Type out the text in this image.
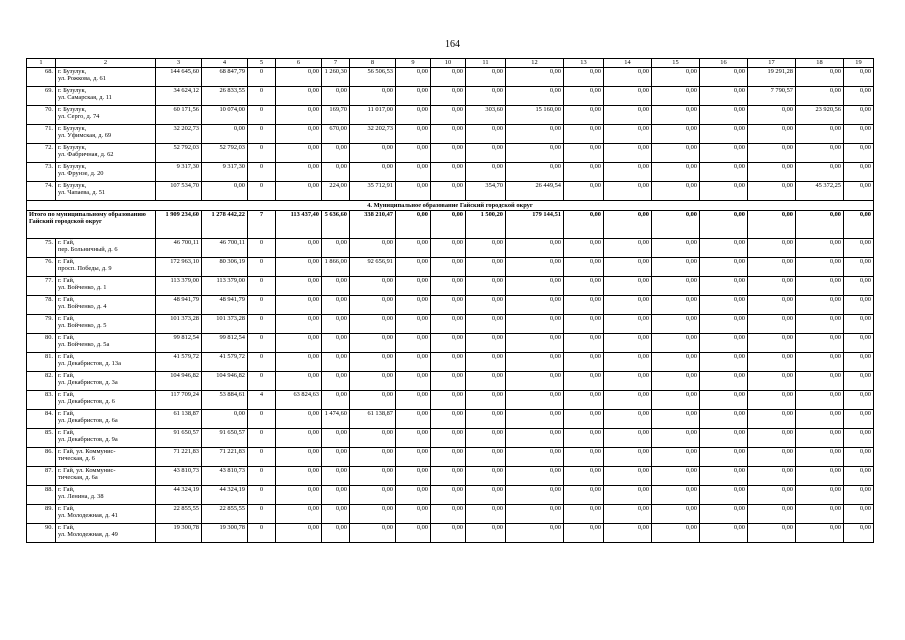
164
1	2	3	4	5	6	7	8	9	10	11	12	13	14	15	16	17	18	19
68.	г. Бузулук,
ул. Рожкова, д. 61	144 645,60	68 847,79	0	0,00	1 260,30	56 506,53	0,00	0,00	0,00	0,00	0,00	0,00	0,00	0,00	19 291,28	0,00	0,00
69.	г. Бузулук,
ул. Самарская, д. 11	34 624,12	26 833,55	0	0,00	0,00	0,00	0,00	0,00	0,00	0,00	0,00	0,00	0,00	0,00	7 790,57	0,00	0,00
70.	г. Бузулук,
ул. Серго, д. 74	60 171,56	10 074,00	0	0,00	169,70	11 017,00	0,00	0,00	303,60	15 160,00	0,00	0,00	0,00	0,00	0,00	23 920,56	0,00
71.	г. Бузулук,
ул. Уфимская, д. 69	32 202,73	0,00	0	0,00	670,00	32 202,73	0,00	0,00	0,00	0,00	0,00	0,00	0,00	0,00	0,00	0,00	0,00
72.	г. Бузулук,
ул. Фабричная, д. 62	52 792,03	52 792,03	0	0,00	0,00	0,00	0,00	0,00	0,00	0,00	0,00	0,00	0,00	0,00	0,00	0,00	0,00
73.	г. Бузулук,
ул. Фрунзе, д. 20	9 317,30	9 317,30	0	0,00	0,00	0,00	0,00	0,00	0,00	0,00	0,00	0,00	0,00	0,00	0,00	0,00	0,00
74.	г. Бузулук,
ул. Чапаева, д. 51	107 534,70	0,00	0	0,00	224,00	35 712,91	0,00	0,00	354,70	26 449,54	0,00	0,00	0,00	0,00	0,00	45 372,25	0,00
4. Муниципальное образование Гайский городской округ																		
Итого по муниципальному образованию Гайский городской округ		1 909 234,60	1 278 442,22	7	113 437,40	5 636,60	338 210,47	0,00	0,00	1 500,20	179 144,51	0,00	0,00	0,00	0,00	0,00	0,00	0,00
75.	г. Гай,
пер. Больничный, д. 6	46 700,11	46 700,11	0	0,00	0,00	0,00	0,00	0,00	0,00	0,00	0,00	0,00	0,00	0,00	0,00	0,00	0,00
76.	г. Гай,
просп. Победы, д. 9	172 963,10	80 306,19	0	0,00	1 866,00	92 656,91	0,00	0,00	0,00	0,00	0,00	0,00	0,00	0,00	0,00	0,00	0,00
77.	г. Гай,
ул. Войченко, д. 1	113 379,00	113 379,00	0	0,00	0,00	0,00	0,00	0,00	0,00	0,00	0,00	0,00	0,00	0,00	0,00	0,00	0,00
78.	г. Гай,
ул. Войченко, д. 4	48 941,79	48 941,79	0	0,00	0,00	0,00	0,00	0,00	0,00	0,00	0,00	0,00	0,00	0,00	0,00	0,00	0,00
79.	г. Гай,
ул. Войченко, д. 5	101 373,28	101 373,28	0	0,00	0,00	0,00	0,00	0,00	0,00	0,00	0,00	0,00	0,00	0,00	0,00	0,00	0,00
80.	г. Гай,
ул. Войченко, д. 5а	99 812,54	99 812,54	0	0,00	0,00	0,00	0,00	0,00	0,00	0,00	0,00	0,00	0,00	0,00	0,00	0,00	0,00
81.	г. Гай,
ул. Декабристов, д. 13а	41 579,72	41 579,72	0	0,00	0,00	0,00	0,00	0,00	0,00	0,00	0,00	0,00	0,00	0,00	0,00	0,00	0,00
82.	г. Гай,
ул. Декабристов, д. 3а	104 946,82	104 946,82	0	0,00	0,00	0,00	0,00	0,00	0,00	0,00	0,00	0,00	0,00	0,00	0,00	0,00	0,00
83.	г. Гай,
ул. Декабристов, д. 6	117 709,24	53 884,61	4	63 824,63	0,00	0,00	0,00	0,00	0,00	0,00	0,00	0,00	0,00	0,00	0,00	0,00	0,00
84.	г. Гай,
ул. Декабристов, д. 6а	61 138,87	0,00	0	0,00	1 474,60	61 138,87	0,00	0,00	0,00	0,00	0,00	0,00	0,00	0,00	0,00	0,00	0,00
85.	г. Гай,
ул. Декабристов, д. 9а	91 650,57	91 650,57	0	0,00	0,00	0,00	0,00	0,00	0,00	0,00	0,00	0,00	0,00	0,00	0,00	0,00	0,00
86.	г. Гай, ул. Коммунис-
тическая, д. 6	71 221,83	71 221,83	0	0,00	0,00	0,00	0,00	0,00	0,00	0,00	0,00	0,00	0,00	0,00	0,00	0,00	0,00
87.	г. Гай, ул. Коммунис-
тическая, д. 6а	43 810,73	43 810,73	0	0,00	0,00	0,00	0,00	0,00	0,00	0,00	0,00	0,00	0,00	0,00	0,00	0,00	0,00
88.	г. Гай,
ул. Ленина, д. 38	44 324,19	44 324,19	0	0,00	0,00	0,00	0,00	0,00	0,00	0,00	0,00	0,00	0,00	0,00	0,00	0,00	0,00
89.	г. Гай,
ул. Молодежная, д. 41	22 855,55	22 855,55	0	0,00	0,00	0,00	0,00	0,00	0,00	0,00	0,00	0,00	0,00	0,00	0,00	0,00	0,00
90.	г. Гай,
ул. Молодежная, д. 49	19 300,78	19 300,78	0	0,00	0,00	0,00	0,00	0,00	0,00	0,00	0,00	0,00	0,00	0,00	0,00	0,00	0,00
